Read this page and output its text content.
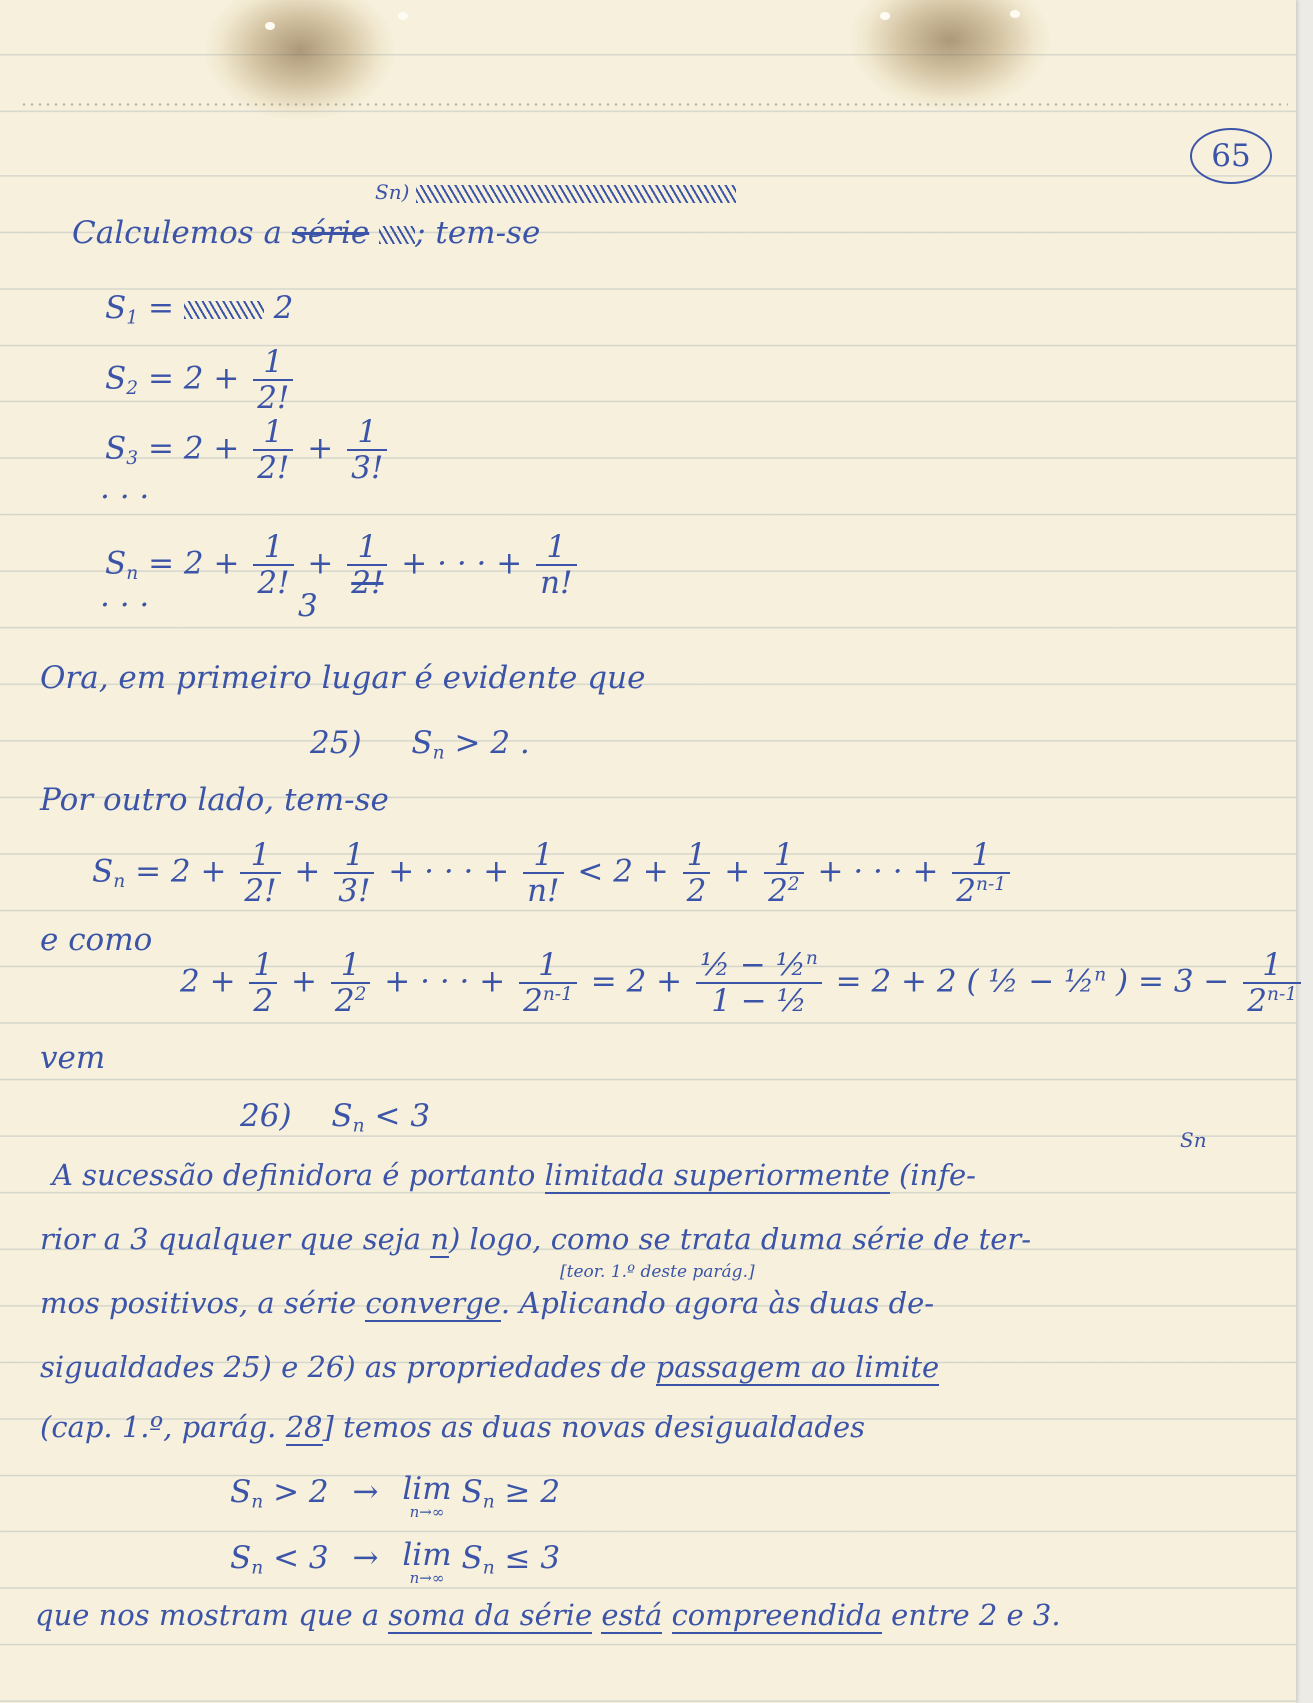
65
Sn)
Calculemos a série ; tem-se
$S_1$ =	2
$S_2 = 2 + \frac{1}{2!}$
$S_3 = 2 + \frac{1}{2!} + \frac{1}{3!}$
. . .
$S_n = 2 + \frac{1}{2!} + \frac{1}{2!}$ + · · · + $\frac{1}{n!}$
3
. . .
Ora, em primeiro lugar é evidente que
25) $S_n > 2$ .
Por outro lado, tem-se
$S_n = 2 + \frac{1}{2!} + \frac{1}{3!}$ + · · · + $\frac{1}{n!} < 2 + \frac{1}{2} + \frac{1}{2^2}$ + · · · + $\frac{1}{2^{n-1}}$
e como
$2 + \frac{1}{2} + \frac{1}{2^2}$ + · · · + $\frac{1}{2^{n-1}} = 2 + \frac{\frac{1}{2} - \frac{1}{2}^n}{\text{1 − ½}} = 2 + 2$ ( ½ − ½$^n$ ) = $3 - \frac{1}{2^{n-1}}$
vem
26) $S_n < 3$
Sn
A sucessão definidora é portanto limitada superiormente (infe-
rior a 3 qualquer que seja n) logo, como se trata duma série de ter-
[teor. 1.º deste parág.]
mos positivos, a série converge. Aplicando agora às duas de-
sigualdades 25) e 26) as propriedades de passagem ao limite
(cap. 1.º, parág. 28] temos as duas novas desigualdades
$S_n > 2 \to \lim$
n→∞
$S_n \ge 2$
$S_n < 3 \to \lim$
n→∞
$S_n \le 3$
que nos mostram que a soma da série está compreendida entre 2 e 3.
